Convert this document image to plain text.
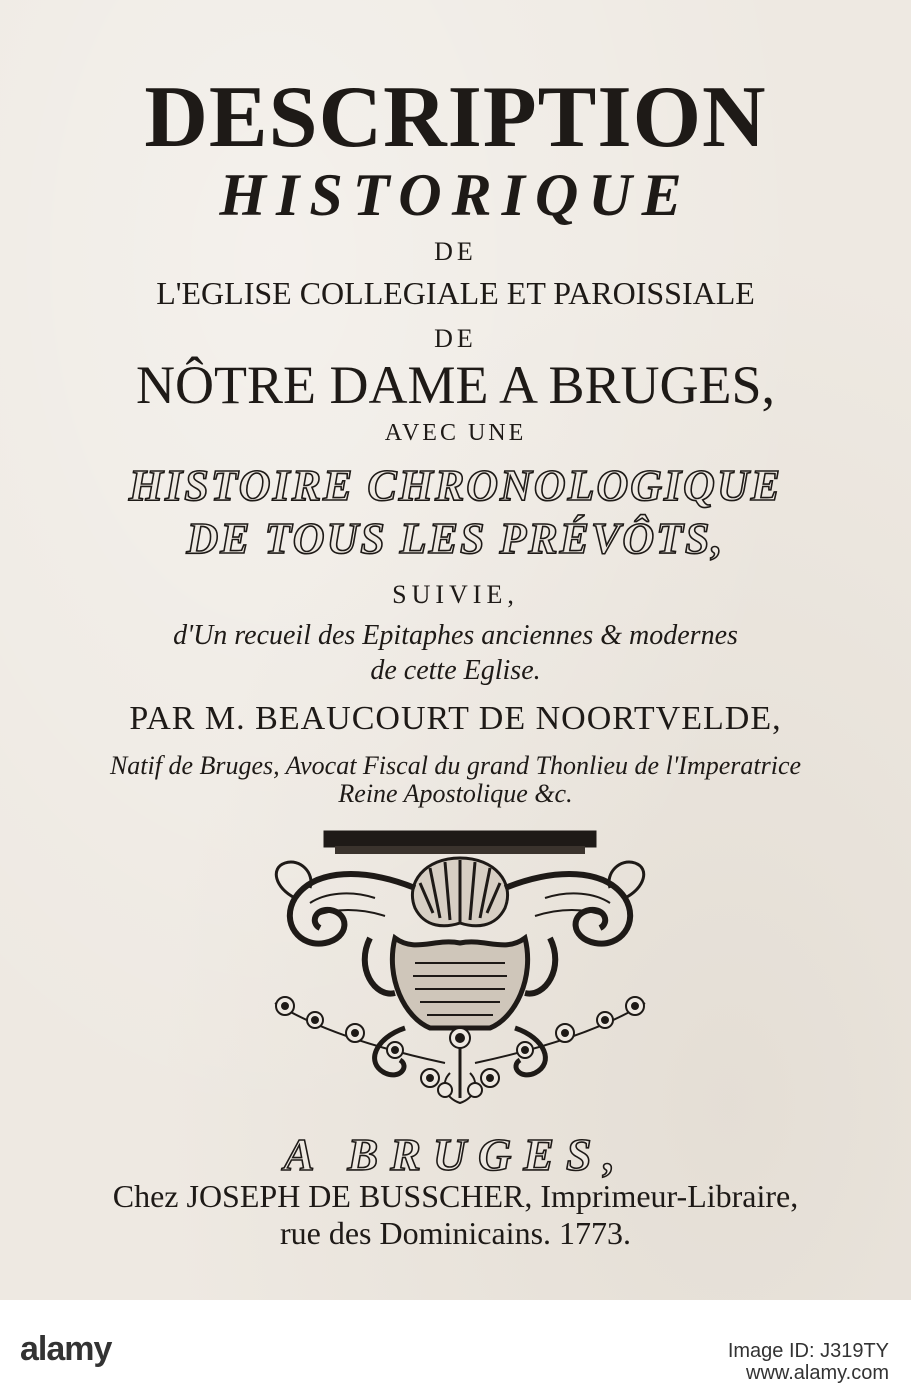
DESCRIPTION
HISTORIQUE
DE
L'EGLISE COLLEGIALE ET PAROISSIALE
DE
NÔTRE DAME A BRUGES,
AVEC UNE
HISTOIRE CHRONOLOGIQUE
DE TOUS LES PRÉVÔTS,
SUIVIE,
d'Un recueil des Epitaphes anciennes & modernes
de cette Eglise.
PAR M. BEAUCOURT DE NOORTVELDE,
Natif de Bruges, Avocat Fiscal du grand Thonlieu de l'Imperatrice
Reine Apostolique &c.
A BRUGES,
Chez JOSEPH DE BUSSCHER, Imprimeur-Libraire,
rue des Dominicains. 1773.
alamy	Image ID: J319TY
www.alamy.com
